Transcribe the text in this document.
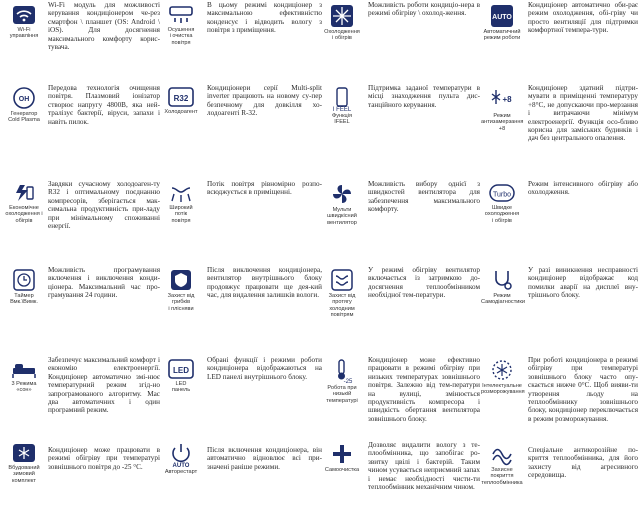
Wi-Fi
управління
Wi-Fi модуль для можливості керування кондиціонером че-рез смартфон \ планшет (OS: Android \ iOS). Для досягнення максимального комфорту корис-тувача.
Осушення
і очистка
повітря
В цьому режимі кондиціонер з максимальною ефективністю конденсує і відводить вологу з повітря з приміщення.	Охолодження
і обігрів
Можливість роботи кондиціо-нера в режимі обігріву \ охолод-ження.
AUTO
Автоматичний
режим роботи
Кондиціонер автоматично оби-рає режим охолодження, обі-гріву чи просто вентиляції для підтримки комфортної темпера-тури.
ОН
Генератор
Cold Plasma
Передова технологія очищення повітря. Плазмовий іонізатор створює напругу 4800В, яка ней-тралізує бактерії, віруси, запахи і навіть пилок.
R32
Холодоагент
Кондиціонери серії Multi-split inverter працюють на новому су-пер безпечному для довкілля хо-лодоагенті R-32.	I FEEL
Функція
IFEEL
Підтримка заданої температури в місці знаходження пульта дис-танційного керування.
+8
Режим
антизамерзання
+8
Кондиціонер здатний підтри-мувати в приміщенні температуру +8°C, не допускаючи про-мерзання і витрачаючи мінімум електроенергії. Функція осо-бливо корисна для заміських будинків і дач без центрального опалення.
Економічне
охолодження і
обігрів
Завдяки сучасному холодоаген-ту R32 і оптимальному поєднанню компресорів, зберігається мак-симальна продуктивність при-ладу при мінімальному споживанні енергії.
Широкий
потік
повітря
Потік повітря рівномірно розпо-всюджується в приміщенні.
Мульти
швидкісний
вентилятор
Можливість вибору однієї з швидкостей вентилятора для забезпечення максимального комфорту.
Turbo
Швидке
охолодження
і обігрів
Режим інтенсивного обігріву або охолодження.
Таймер
Вмк.\Вимк.
Можливість програмування включення і виключення конди-ціонера. Максимальний час про-грамування 24 години.	Захист від
грибків
і плісняви
Після виключення кондиціонера, вентилятор внутрішнього блоку продовжує працювати ще дея-кий час, для видалення залишків вологи.	Захист від
протягу
холодним
повітрям
У режимі обігріву вентилятор включається із затримкою до-досягнення теплообмінником необхідної тем-ператури.	Режим
Самодіагностики
У разі виникнення несправності кондиціонер відображає код помилки аварії на дисплеї вну-трішнього блоку.
3 Режима
«сон»
Забезпечує максимальний комфорт і економію електроенергії. Кондиціонер автоматично змі-нює температурний режим згід-но запрограмованого алгоритму. Мас два автоматичних і один програмний режим.
LED
LED
панель
Обрані функції і режими роботи кондиціонера відображаються на LED панелі внутрішнього блоку.
-25
Робота при
низькій
температурі
Кондиціонер може ефективно працювати в режимі обігріву при низьких температурах зовнішнього повітря. Залежно від тем-ператури на вулиці, змінюється продуктивність компресора і швидкість обертання вентилятора зовнішнього блоку.
Інтелектуальне
розморожування
При роботі кондиціонера в режимі обігріву при температурі зовнішнього блоку часто опу-скається нижче 0°C. Щоб вияви-ти утворення льоду на теплообміннику зовнішнього блоку, кондиціонер переключається в режим розморожування.
Вбудований
зимовий
комплект
Кондиціонер може працювати в режимі обігріву при температурі зовнішнього повітря до -25 °C.	AUTO
Авторестарт
Після включення кондиціонера, він автоматично відновлює всі при-значені раніше режими.	Самоочистка
Дозволяє видалити вологу з те-плообмінника, що запобігає ро-звитку цвілі і бактерій. Таким чином усувається неприємний запах і немає необхідності чисти-ти теплообмінник механічним чином.
Захисне
покриття
теплообмінника
Спеціальне антикорозійне по-криття теплообмінника, для його захисту від агресивного середовища.
